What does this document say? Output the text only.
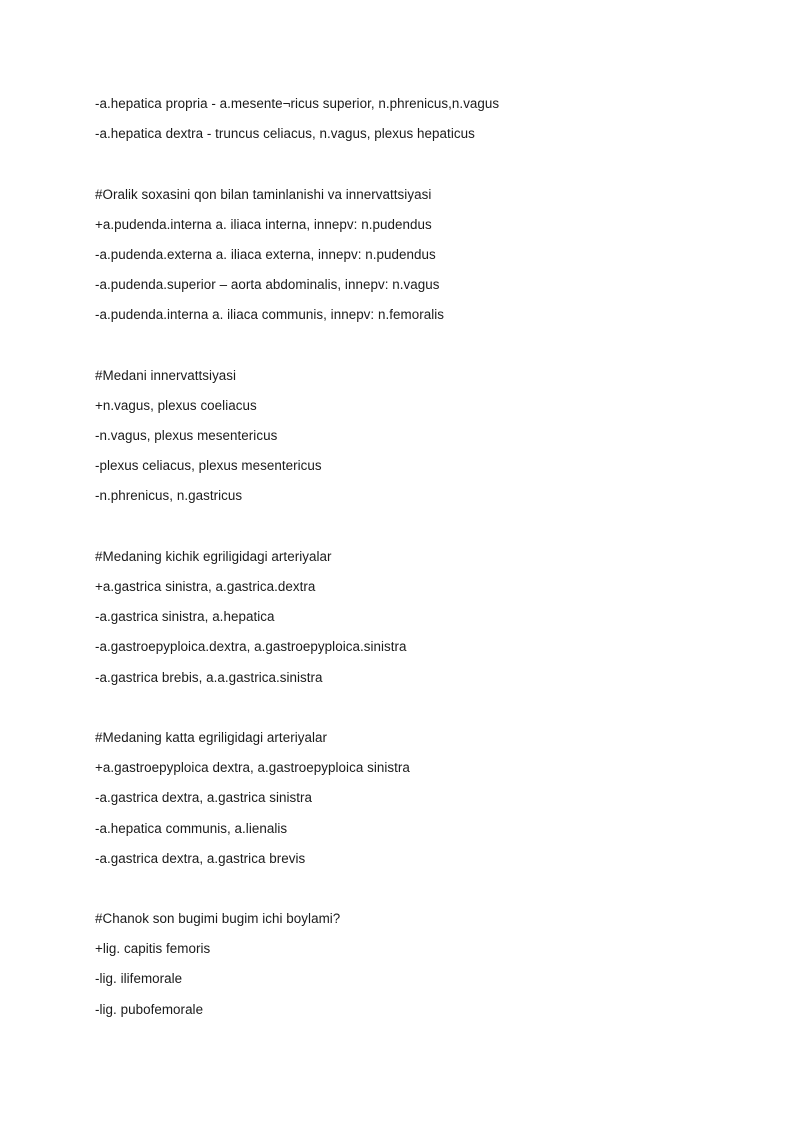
-a.hepatica propria - a.mesente¬ricus superior, n.phrenicus,n.vagus
-a.hepatica dextra - truncus celiacus, n.vagus, plexus hepaticus
#Oralik soxasini qon bilan taminlanishi va innervattsiyasi
+a.pudenda.interna a. iliaca interna, innepv: n.pudendus
-a.pudenda.externa a. iliaca externa, innepv: n.pudendus
-a.pudenda.superior – aorta abdominalis, innepv: n.vagus
-a.pudenda.interna a. iliaca communis, innepv: n.femoralis
#Medani innervattsiyasi
+n.vagus, plexus coeliacus
-n.vagus, plexus mesentericus
-plexus celiacus, plexus mesentericus
-n.phrenicus, n.gastricus
#Medaning kichik egriligidagi arteriyalar
+a.gastrica sinistra, a.gastrica.dextra
-a.gastrica sinistra, a.hepatica
-a.gastroepyploica.dextra, a.gastroepyploica.sinistra
-a.gastrica brebis, a.a.gastrica.sinistra
#Medaning katta egriligidagi arteriyalar
+a.gastroepyploica dextra, a.gastroepyploica sinistra
-a.gastrica dextra, a.gastrica sinistra
-a.hepatica communis, a.lienalis
-a.gastrica dextra, a.gastrica brevis
#Chanok son bugimi bugim ichi boylami?
+lig. capitis femoris
-lig. ilifemorale
-lig. pubofemorale
